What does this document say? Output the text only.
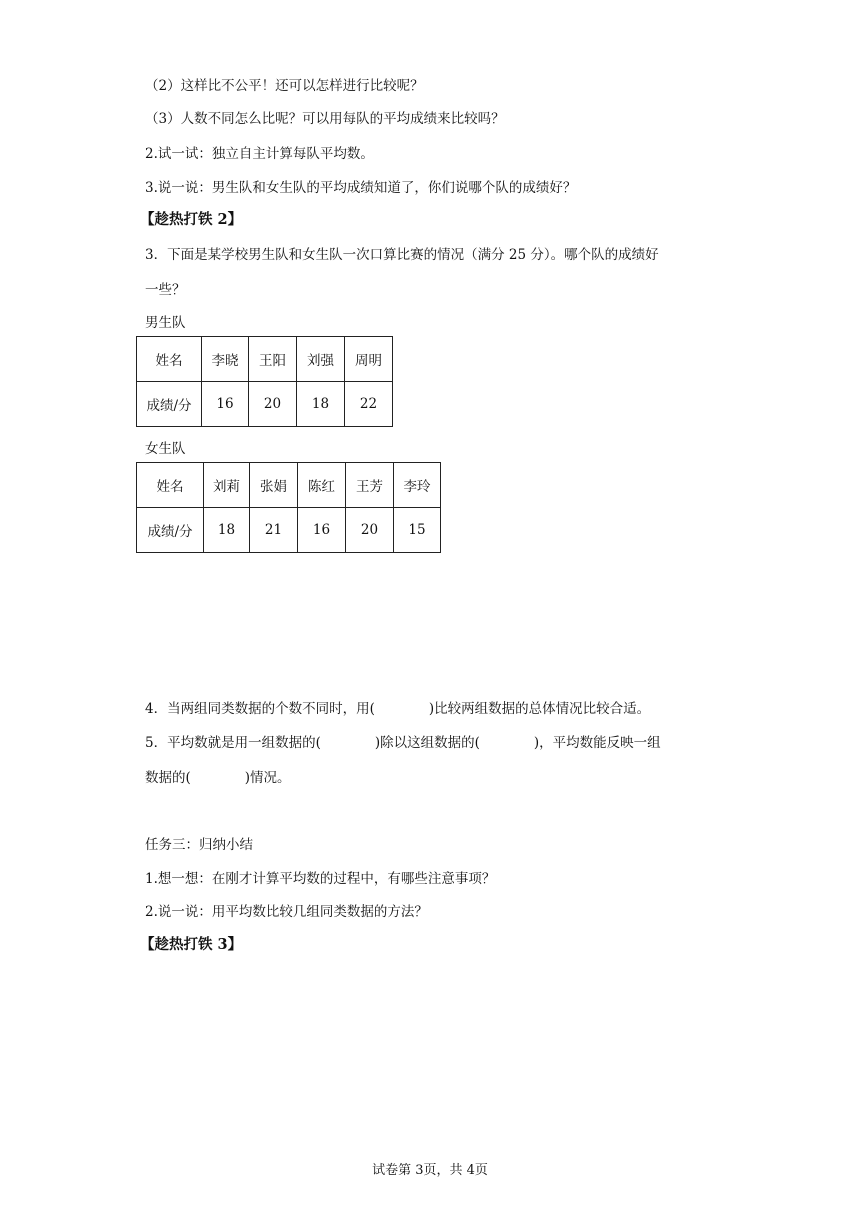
（2）这样比不公平！还可以怎样进行比较呢？
（3）人数不同怎么比呢？可以用每队的平均成绩来比较吗？
2.试一试：独立自主计算每队平均数。
3.说一说：男生队和女生队的平均成绩知道了，你们说哪个队的成绩好？
【趁热打铁 2】
3．下面是某学校男生队和女生队一次口算比赛的情况（满分 25 分）。哪个队的成绩好
一些？
男生队
姓名	李晓	王阳	刘强	周明
成绩/分	16	20	18	22
女生队
姓名	刘莉	张娟	陈红	王芳	李玲
成绩/分	18	21	16	20	15
4．当两组同类数据的个数不同时，用(　　　　)比较两组数据的总体情况比较合适。
5．平均数就是用一组数据的(　　　　)除以这组数据的(　　　　)，平均数能反映一组
数据的(　　　　)情况。
任务三：归纳小结
1.想一想：在刚才计算平均数的过程中，有哪些注意事项？
2.说一说：用平均数比较几组同类数据的方法？
【趁热打铁 3】
试卷第 3页，共 4页
